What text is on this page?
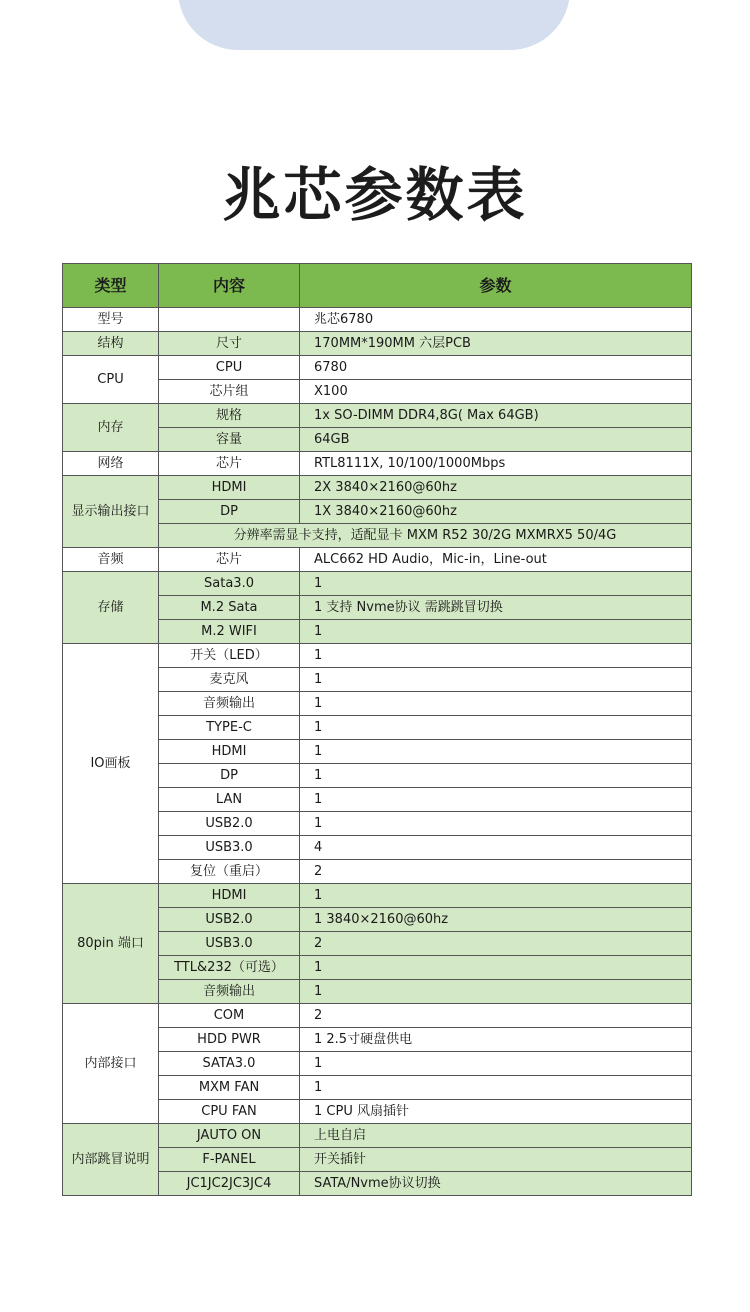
兆芯参数表
类型	内容	参数
型号		兆芯6780
结构	尺寸	170MM*190MM 六层PCB
CPU	CPU	6780
	芯片组	X100
内存	规格	1x SO-DIMM DDR4,8G( Max 64GB)
	容量	64GB
网络	芯片	RTL8111X, 10/100/1000Mbps
显示输出接口	HDMI	2X 3840×2160@60hz
	DP	1X 3840×2160@60hz
	分辨率需显卡支持，适配显卡 MXM R52 30/2G MXMRX5 50/4G	
音频	芯片	ALC662 HD Audio，Mic-in，Line-out
存储	Sata3.0	1
	M.2 Sata	1 支持 Nvme协议 需跳跳冒切换
	M.2 WIFI	1
IO画板	开关（LED）	1
	麦克风	1
	音频输出	1
	TYPE-C	1
	HDMI	1
	DP	1
	LAN	1
	USB2.0	1
	USB3.0	4
	复位（重启）	2
80pin 端口	HDMI	1
	USB2.0	1 3840×2160@60hz
	USB3.0	2
	TTL&232（可选）	1
	音频输出	1
内部接口	COM	2
	HDD PWR	1 2.5寸硬盘供电
	SATA3.0	1
	MXM FAN	1
	CPU FAN	1 CPU 风扇插针
内部跳冒说明	JAUTO ON	上电自启
	F-PANEL	开关插针
	JC1JC2JC3JC4	SATA/Nvme协议切换
